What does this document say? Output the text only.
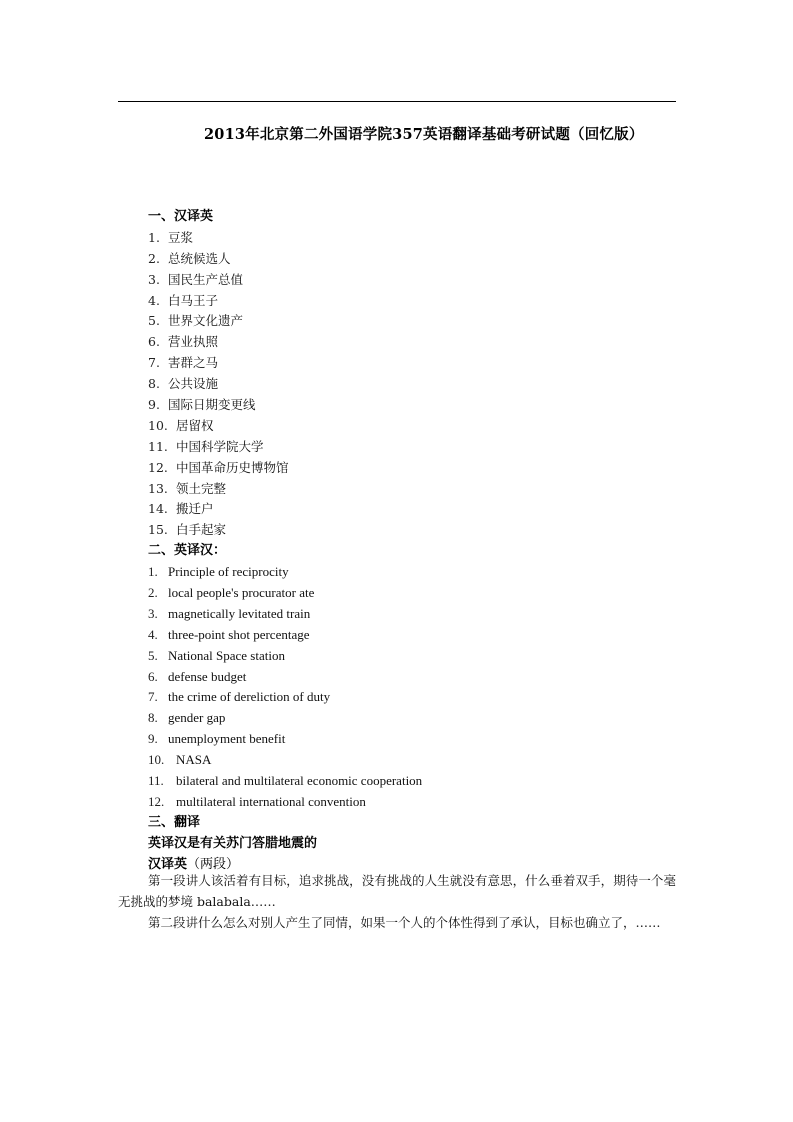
2013年北京第二外国语学院357英语翻译基础考研试题（回忆版）
一、汉译英
1. 豆浆
2. 总统候选人
3. 国民生产总值
4. 白马王子
5. 世界文化遗产
6. 营业执照
7. 害群之马
8. 公共设施
9. 国际日期变更线
10. 居留权
11. 中国科学院大学
12. 中国革命历史博物馆
13. 领土完整
14. 搬迁户
15. 白手起家
二、英译汉：
1. Principle of reciprocity
2. local people's procurator ate
3. magnetically levitated train
4. three-point shot percentage
5. National Space station
6. defense budget
7. the crime of dereliction of duty
8. gender gap
9. unemployment benefit
10. NASA
11. bilateral and multilateral economic cooperation
12. multilateral international convention
三、翻译
英译汉是有关苏门答腊地震的
汉译英（两段）
第一段讲人该活着有目标，追求挑战，没有挑战的人生就没有意思，什么垂着双手，期待一个毫无挑战的梦境 balabala……
第二段讲什么怎么对别人产生了同情，如果一个人的个体性得到了承认，目标也确立了，……
